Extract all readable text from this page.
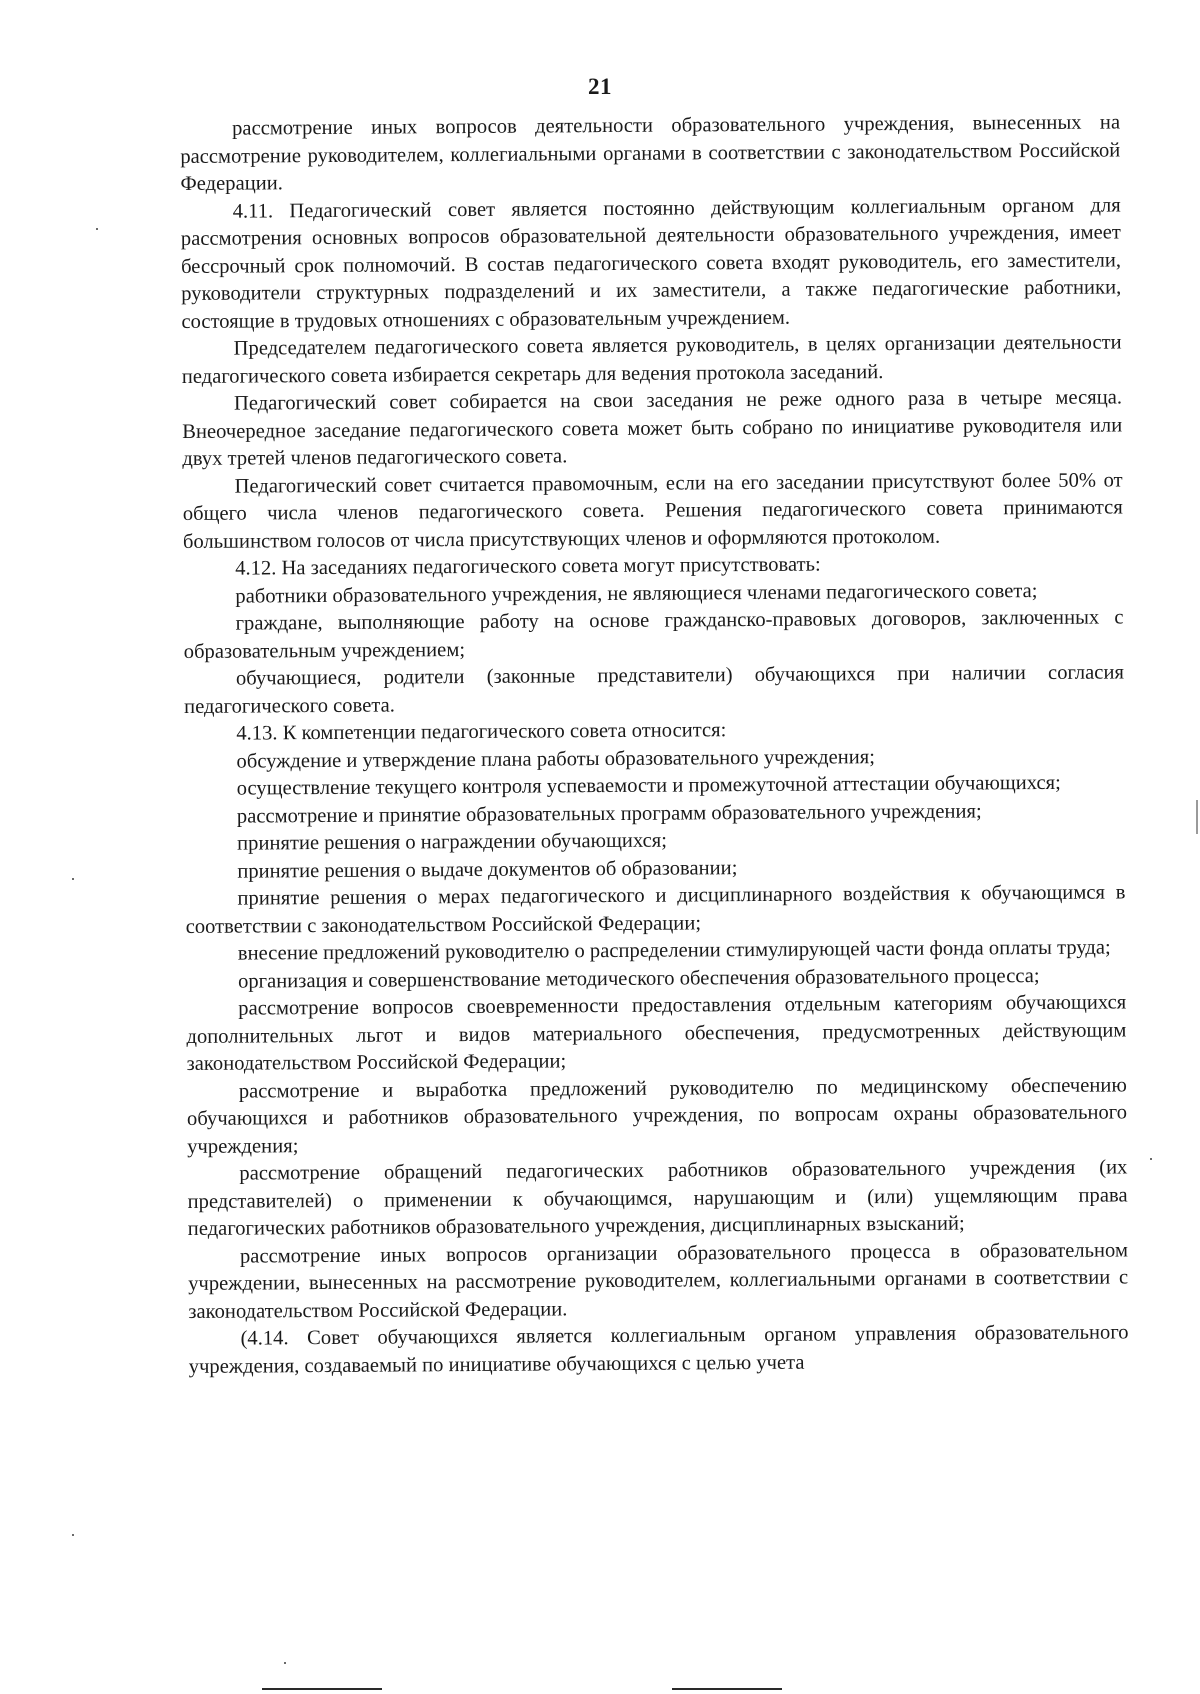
21

рассмотрение иных вопросов деятельности образовательного учреждения, вынесенных на рассмотрение руководителем, коллегиальными органами в соответствии с законодательством Российской Федерации.

4.11. Педагогический совет является постоянно действующим коллегиальным органом для рассмотрения основных вопросов образовательной деятельности образовательного учреждения, имеет бессрочный срок полномочий. В состав педагогического совета входят руководитель, его заместители, руководители структурных подразделений и их заместители, а также педагогические работники, состоящие в трудовых отношениях с образовательным учреждением.

Председателем педагогического совета является руководитель, в целях организации деятельности педагогического совета избирается секретарь для ведения протокола заседаний.

Педагогический совет собирается на свои заседания не реже одного раза в четыре месяца. Внеочередное заседание педагогического совета может быть собрано по инициативе руководителя или двух третей членов педагогического совета.

Педагогический совет считается правомочным, если на его заседании присутствуют более 50% от общего числа членов педагогического совета. Решения педагогического совета принимаются большинством голосов от числа присутствующих членов и оформляются протоколом.

4.12. На заседаниях педагогического совета могут присутствовать:

работники образовательного учреждения, не являющиеся членами педагогического совета;

граждане, выполняющие работу на основе гражданско-правовых договоров, заключенных с образовательным учреждением;

обучающиеся, родители (законные представители) обучающихся при наличии согласия педагогического совета.

4.13. К компетенции педагогического совета относится:

обсуждение и утверждение плана работы образовательного учреждения;

осуществление текущего контроля успеваемости и промежуточной аттестации обучающихся;

рассмотрение и принятие образовательных программ образовательного учреждения;

принятие решения о награждении обучающихся;

принятие решения о выдаче документов об образовании;

принятие решения о мерах педагогического и дисциплинарного воздействия к обучающимся в соответствии с законодательством Российской Федерации;

внесение предложений руководителю о распределении стимулирующей части фонда оплаты труда;

организация и совершенствование методического обеспечения образовательного процесса;

рассмотрение вопросов своевременности предоставления отдельным категориям обучающихся дополнительных льгот и видов материального обеспечения, предусмотренных действующим законодательством Российской Федерации;

рассмотрение и выработка предложений руководителю по медицинскому обеспечению обучающихся и работников образовательного учреждения, по вопросам охраны образовательного учреждения;

рассмотрение обращений педагогических работников образовательного учреждения (их представителей) о применении к обучающимся, нарушающим и (или) ущемляющим права педагогических работников образовательного учреждения, дисциплинарных взысканий;

рассмотрение иных вопросов организации образовательного процесса в образовательном учреждении, вынесенных на рассмотрение руководителем, коллегиальными органами в соответствии с законодательством Российской Федерации.

(4.14. Совет обучающихся является коллегиальным органом управления образовательного учреждения, создаваемый по инициативе обучающихся с целью учета
